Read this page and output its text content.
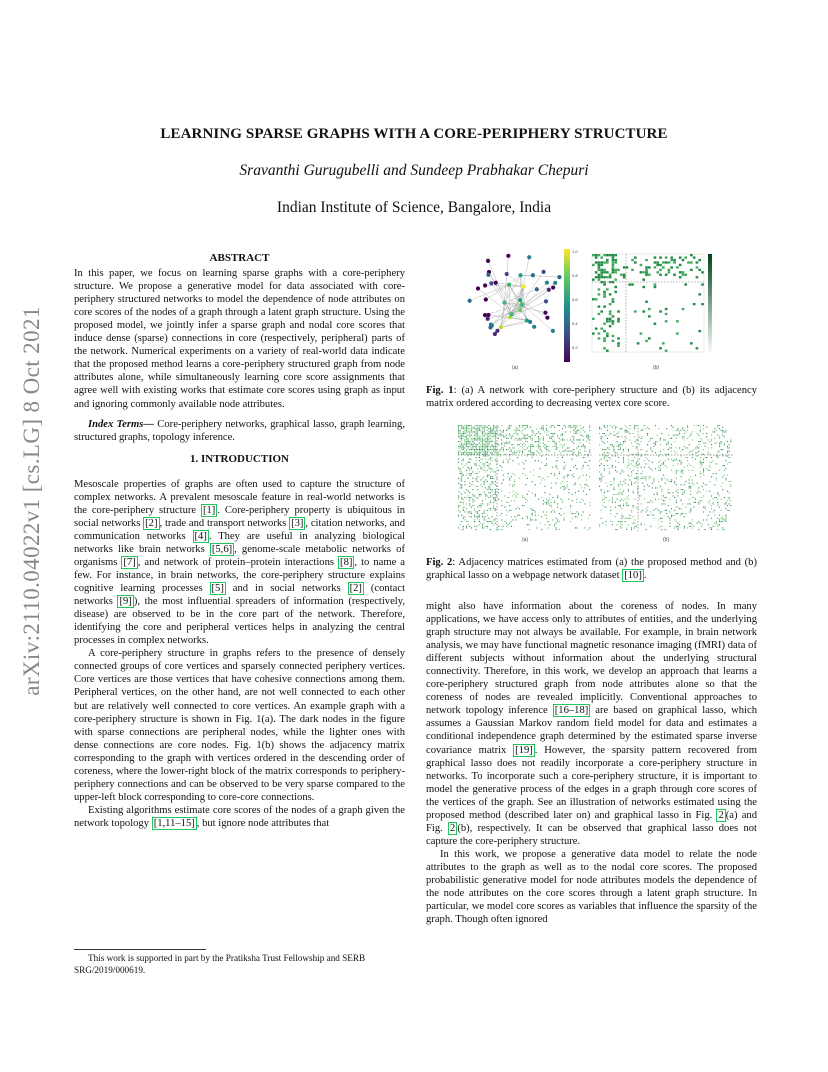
LEARNING SPARSE GRAPHS WITH A CORE-PERIPHERY STRUCTURE
Sravanthi Gurugubelli and Sundeep Prabhakar Chepuri
Indian Institute of Science, Bangalore, India
arXiv:2110.04022v1 [cs.LG] 8 Oct 2021
ABSTRACT

In this paper, we focus on learning sparse graphs with a core-periphery structure. We propose a generative model for data associated with core-periphery structured networks to model the dependence of node attributes on core scores of the nodes of a graph through a latent graph structure. Using the proposed model, we jointly infer a sparse graph and nodal core scores that induce dense (sparse) connections in core (respectively, peripheral) parts of the network. Numerical experiments on a variety of real-world data indicate that the proposed method learns a core-periphery structured graph from node attributes alone, while simultaneously learning core score assignments that agree well with existing works that estimate core scores using graph as input and ignoring commonly available node attributes.

Index Terms— Core-periphery networks, graphical lasso, graph learning, structured graphs, topology inference.

1. INTRODUCTION

Mesoscale properties of graphs are often used to capture the structure of complex networks. A prevalent mesoscale feature in real-world networks is the core-periphery structure [1] . Core-periphery property is ubiquitous in social networks [2] , trade and transport networks [3] , citation networks, and communication networks [4] . They are useful in analyzing biological networks like brain networks [5,6] , genome-scale metabolic networks of organisms [7] , and network of protein–protein interactions [8] , to name a few. For instance, in brain networks, the core-periphery structure explains cognitive learning processes [5] and in social networks [2] (contact networks [9] ), the most influential spreaders of information (respectively, disease) are observed to be in the core part of the network. Therefore, identifying the core and peripheral vertices helps in analyzing the central processes in complex networks.

A core-periphery structure in graphs refers to the presence of densely connected groups of core vertices and sparsely connected periphery vertices. Core vertices are those vertices that have cohesive connections among them. Peripheral vertices, on the other hand, are not well connected to each other but are relatively well connected to core vertices. An example graph with a core-periphery structure is shown in Fig. 1(a). The dark nodes in the figure with sparse connections are peripheral nodes, while the lighter ones with dense connections are core nodes. Fig. 1(b) shows the adjacency matrix corresponding to the graph with vertices ordered in the descending order of coreness, where the lower-right block of the matrix corresponds to periphery-periphery connections and can be observed to be very sparse compared to the upper-left block corresponding to core-core connections.

Existing algorithms estimate core scores of the nodes of a graph given the network topology [1,11–15] , but ignore node attributes that

This work is supported in part by the Pratiksha Trust Fellowship and SERB SRG/2019/000619.
1.0
0.8
0.6
0.4
0.2
(a)	(b)
Fig. 1: (a) A network with core-periphery structure and (b) its adjacency matrix ordered according to decreasing vertex core score.
(a)	(b)
Fig. 2: Adjacency matrices estimated from (a) the proposed method and (b) graphical lasso on a webpage network dataset [10] .

might also have information about the coreness of nodes. In many applications, we have access only to attributes of entities, and the underlying graph structure may not always be available. For example, in brain network analysis, we may have functional magnetic resonance imaging (fMRI) data of different subjects without information about the underlying structural connectivity. Therefore, in this work, we develop an approach that learns a core-periphery structured graph from node attributes alone so that the coreness of nodes are revealed implicitly. Conventional approaches to network topology inference [16–18] are based on graphical lasso, which assumes a Gaussian Markov random field model for data and estimates a conditional independence graph determined by the estimated sparse inverse covariance matrix [19] . However, the sparsity pattern recovered from graphical lasso does not readily incorporate a core-periphery structure in networks. To incorporate such a core-periphery structure, it is important to model the generative process of the edges in a graph through core scores of the vertices of the graph. See an illustration of networks estimated using the proposed method (described later on) and graphical lasso in Fig. 2 (a) and Fig. 2 (b), respectively. It can be observed that graphical lasso does not capture the core-periphery structure.

In this work, we propose a generative data model to relate the node attributes to the graph as well as to the nodal core scores. The proposed probabilistic generative model for node attributes models the dependence of the node attributes on the core scores through a latent graph structure. In particular, we model core scores as variables that influence the sparsity of the graph. Though often ignored
